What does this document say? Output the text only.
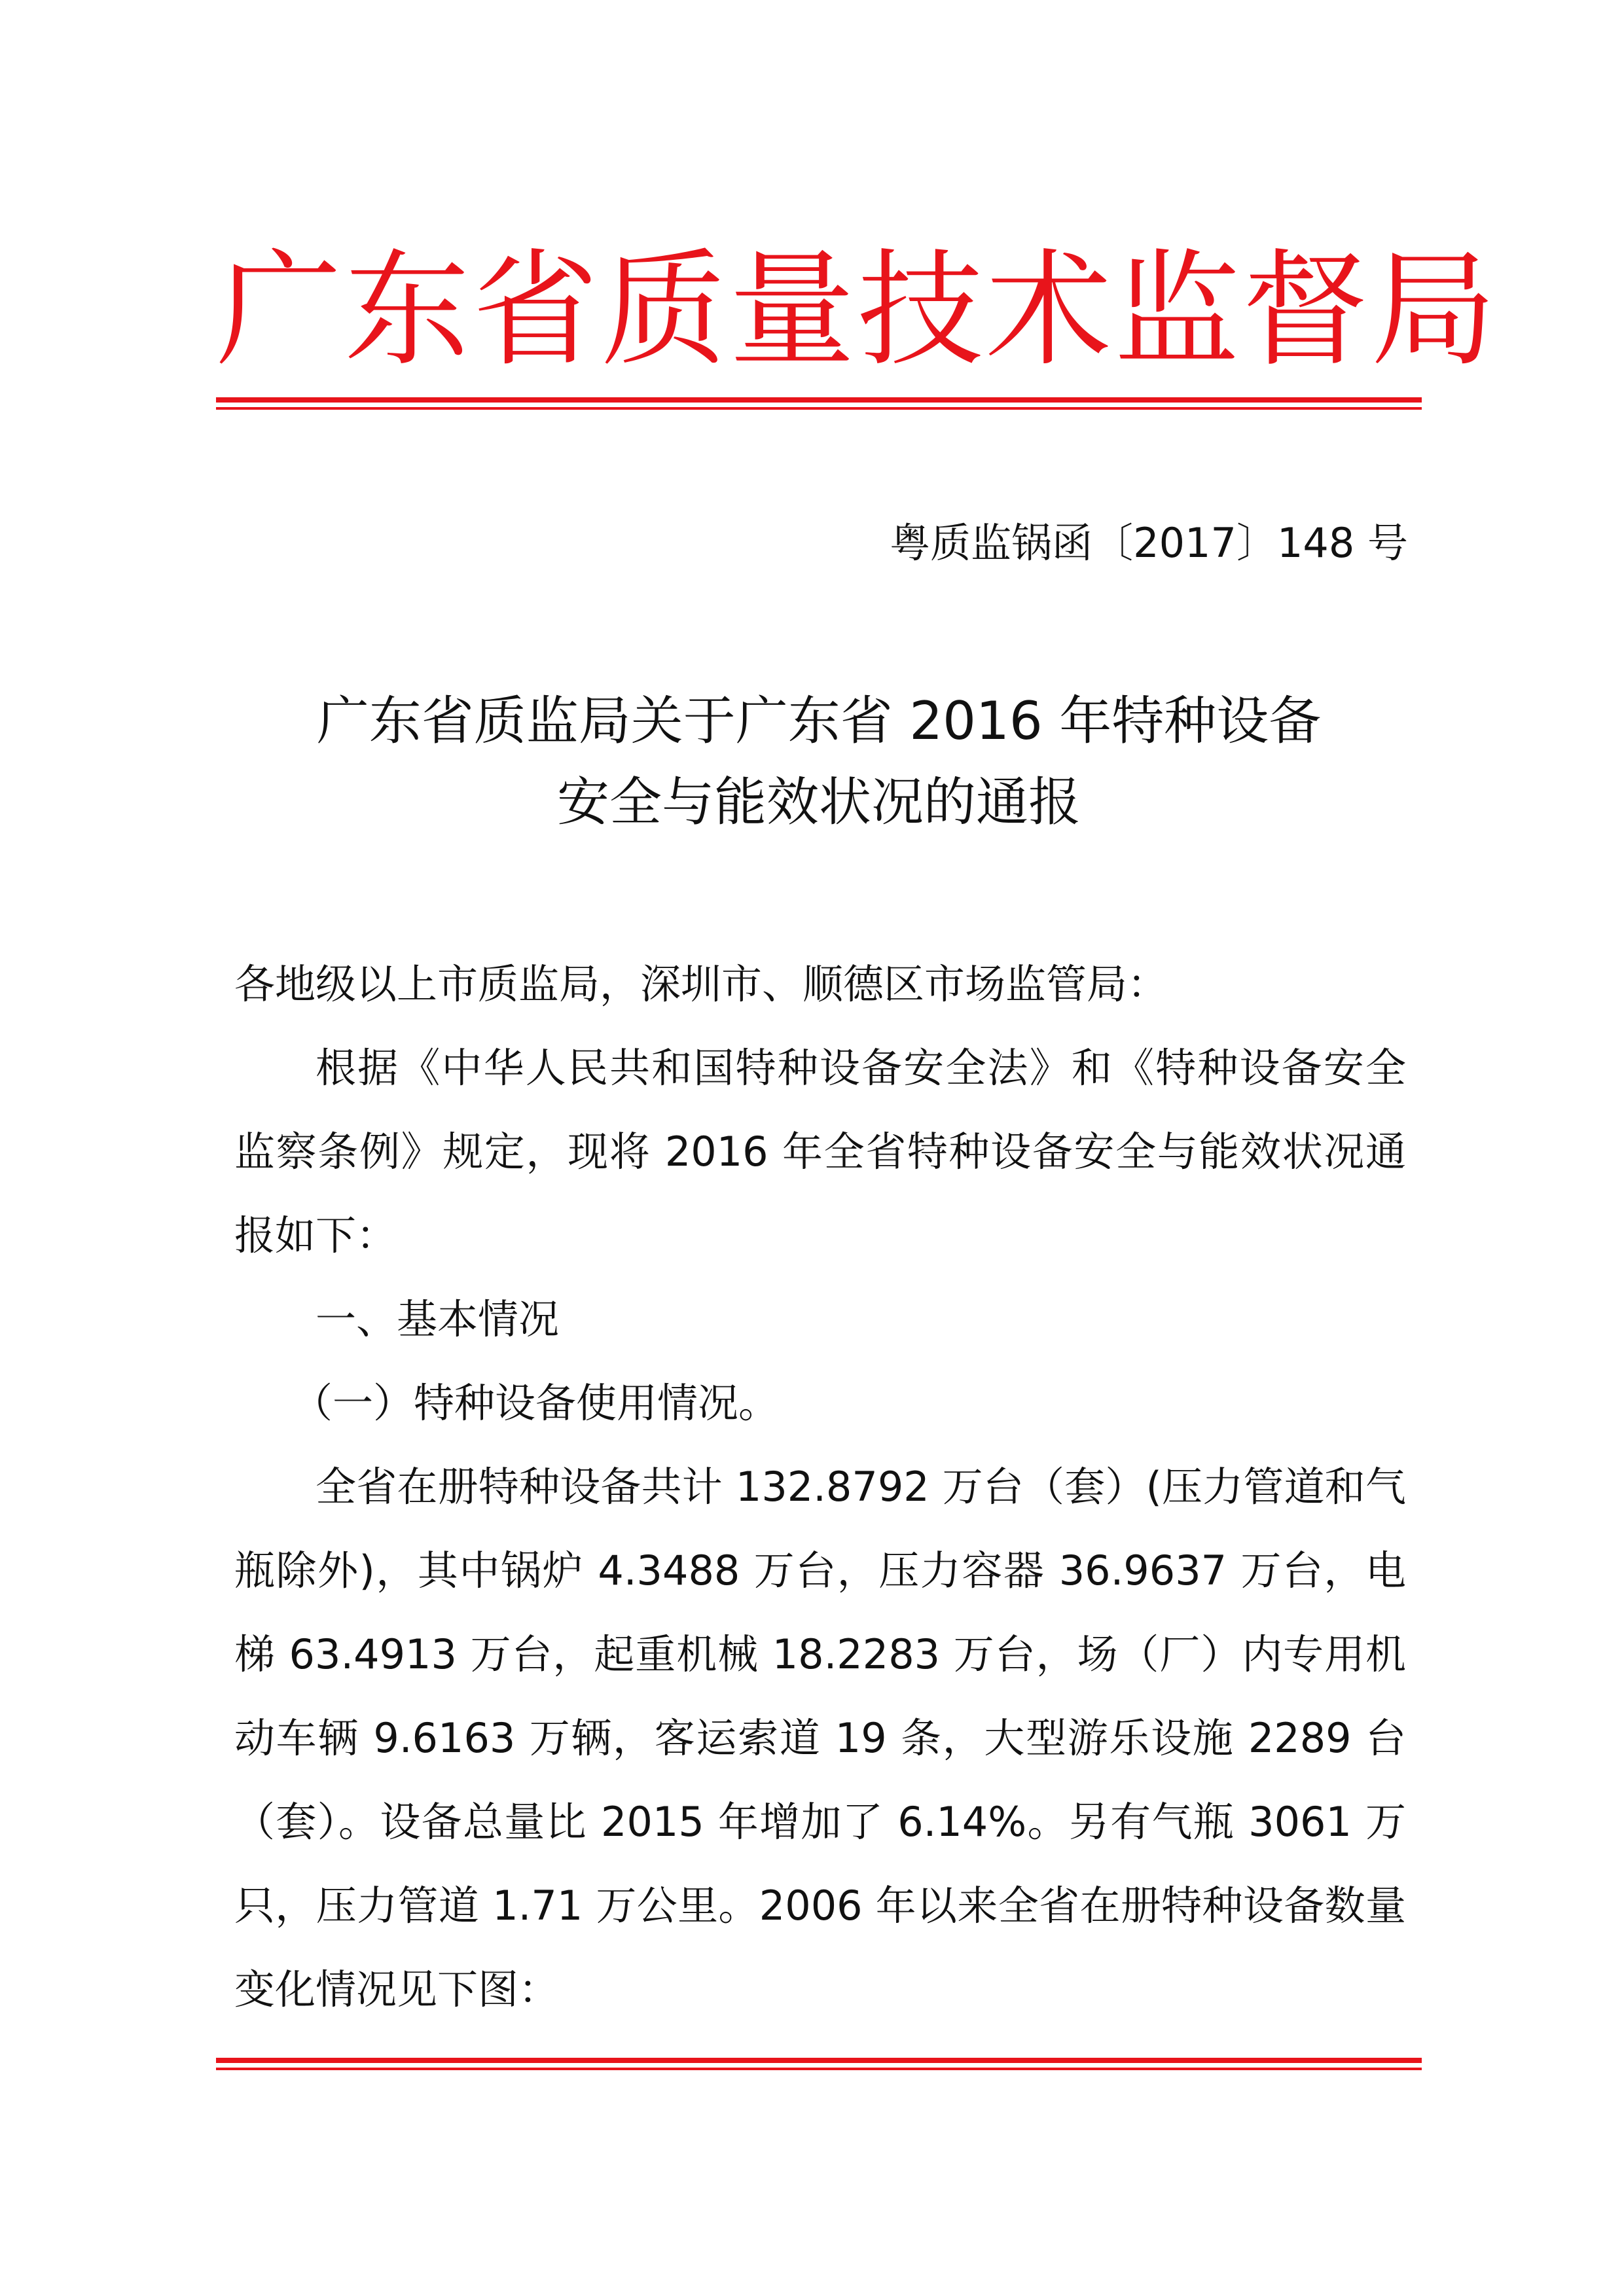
广东省质量技术监督局
粤质监锅函〔2017〕148 号
广东省质监局关于广东省 2016 年特种设备
安全与能效状况的通报

各地级以上市质监局，深圳市、顺德区市场监管局：

根据《中华人民共和国特种设备安全法》和《特种设备安全监察条例》规定，现将 2016 年全省特种设备安全与能效状况通报如下：

一、基本情况

（一）特种设备使用情况。

全省在册特种设备共计 132.8792 万台（套）(压力管道和气瓶除外)，其中锅炉 4.3488 万台，压力容器 36.9637 万台，电梯 63.4913 万台，起重机械 18.2283 万台，场（厂）内专用机动车辆 9.6163 万辆，客运索道 19 条，大型游乐设施 2289 台（套）。设备总量比 2015 年增加了 6.14%。另有气瓶 3061 万只，压力管道 1.71 万公里。2006 年以来全省在册特种设备数量变化情况见下图：
